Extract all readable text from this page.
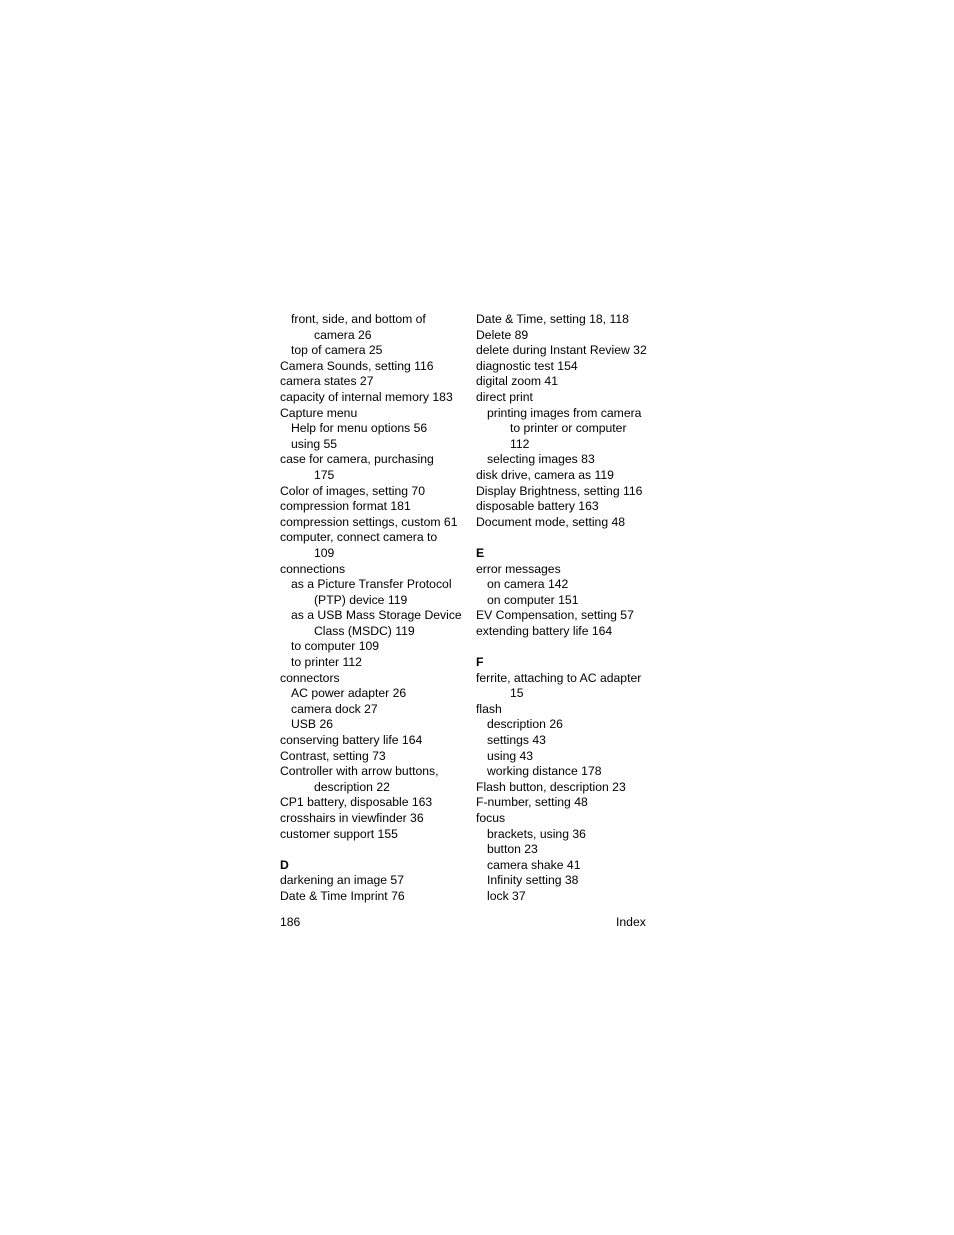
front, side, and bottom of
camera 26
top of camera 25
Camera Sounds, setting 116
camera states 27
capacity of internal memory 183
Capture menu
Help for menu options 56
using 55
case for camera, purchasing
175
Color of images, setting 70
compression format 181
compression settings, custom 61
computer, connect camera to
109
connections
as a Picture Transfer Protocol
(PTP) device 119
as a USB Mass Storage Device
Class (MSDC) 119
to computer 109
to printer 112
connectors
AC power adapter 26
camera dock 27
USB 26
conserving battery life 164
Contrast, setting 73
Controller with arrow buttons,
description 22
CP1 battery, disposable 163
crosshairs in viewfinder 36
customer support 155
D
darkening an image 57
Date & Time Imprint 76
Date & Time, setting 18, 118
Delete 89
delete during Instant Review 32
diagnostic test 154
digital zoom 41
direct print
printing images from camera
to printer or computer
112
selecting images 83
disk drive, camera as 119
Display Brightness, setting 116
disposable battery 163
Document mode, setting 48
E
error messages
on camera 142
on computer 151
EV Compensation, setting 57
extending battery life 164
F
ferrite, attaching to AC adapter
15
flash
description 26
settings 43
using 43
working distance 178
Flash button, description 23
F-number, setting 48
focus
brackets, using 36
button 23
camera shake 41
Infinity setting 38
lock 37
186	Index
